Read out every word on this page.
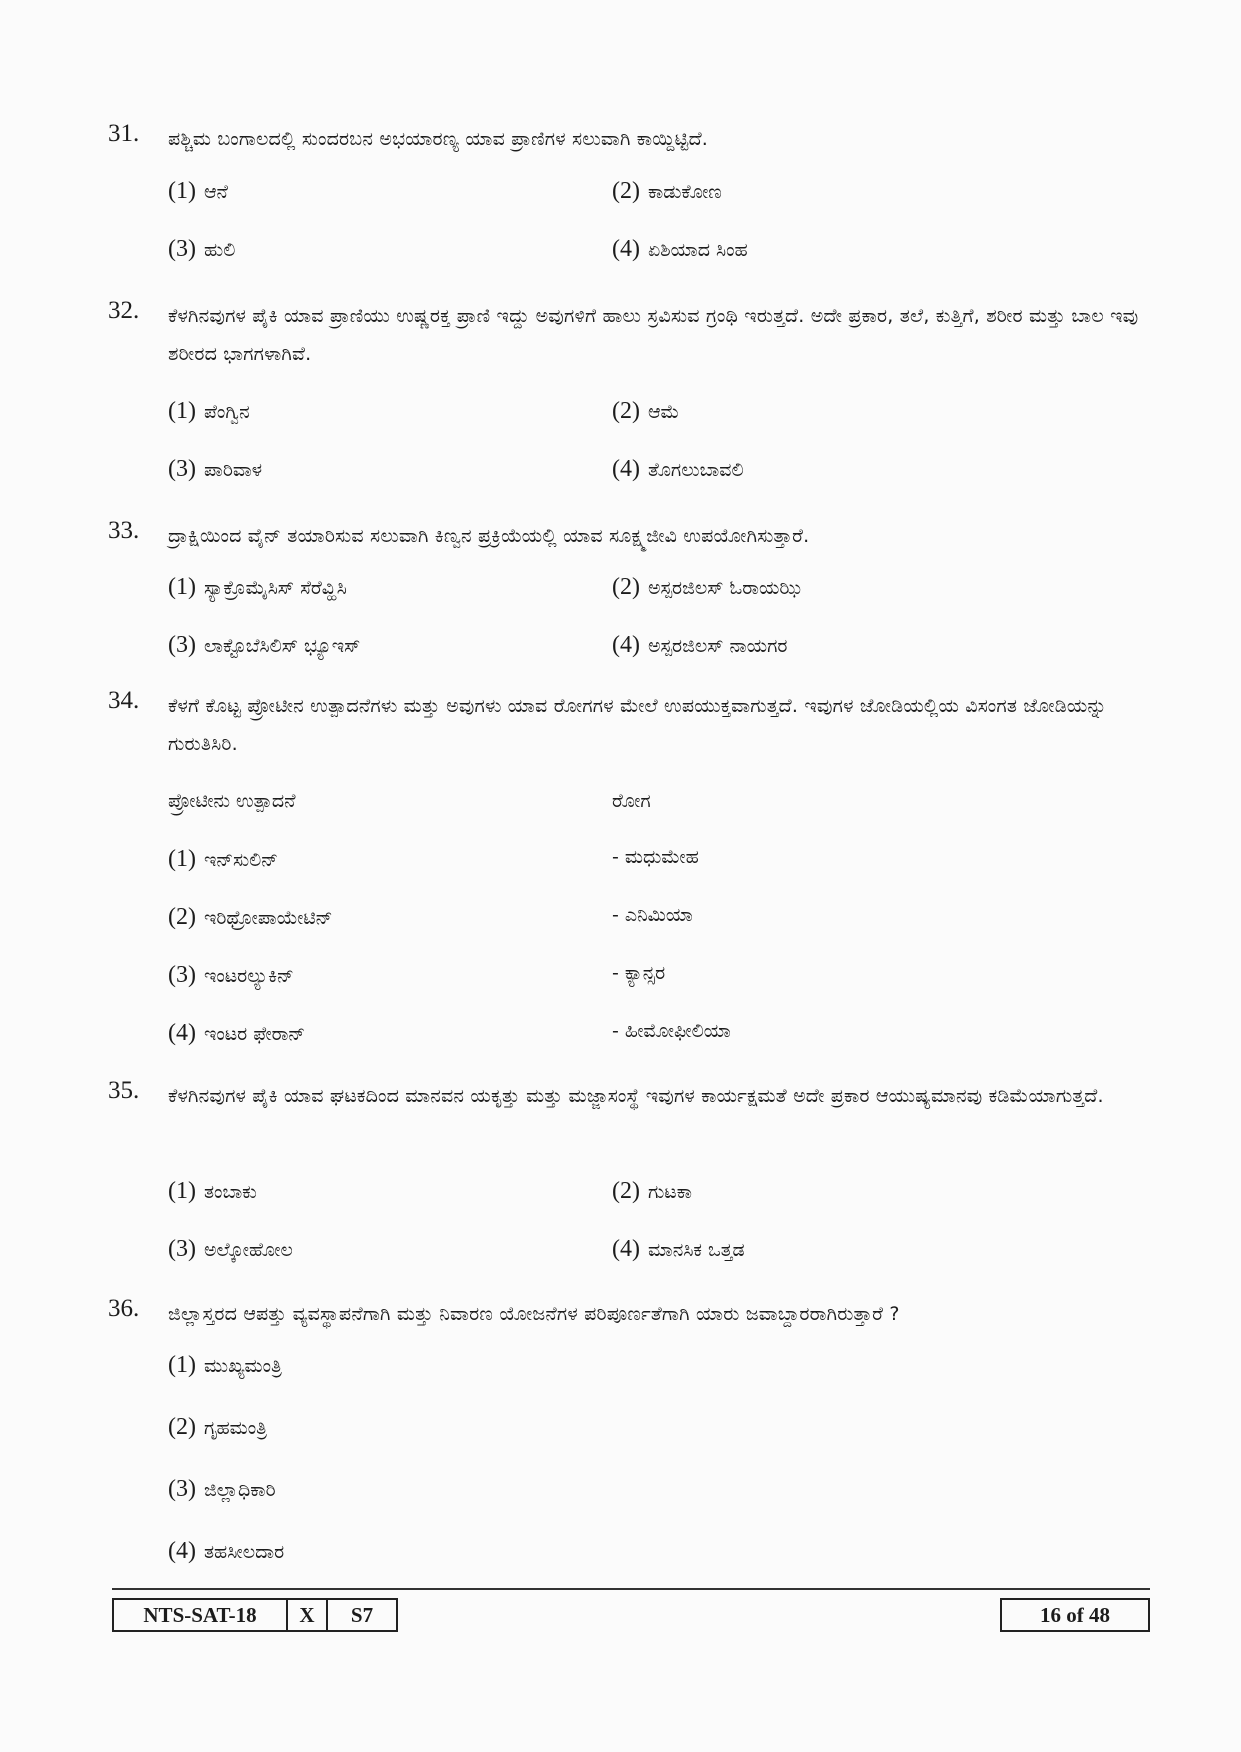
31. ಪಶ್ಚಿಮ ಬಂಗಾಲದಲ್ಲಿ ಸುಂದರಬನ ಅಭಯಾರಣ್ಯ ಯಾವ ಪ್ರಾಣಿಗಳ ಸಲುವಾಗಿ ಕಾಯ್ದಿಟ್ಟಿದೆ.
(1) ಆನೆ	(2) ಕಾಡುಕೋಣ
(3) ಹುಲಿ	(4) ಏಶಿಯಾದ ಸಿಂಹ
32. ಕೆಳಗಿನವುಗಳ ಪೈಕಿ ಯಾವ ಪ್ರಾಣಿಯು ಉಷ್ಣರಕ್ತ ಪ್ರಾಣಿ ಇದ್ದು ಅವುಗಳಿಗೆ ಹಾಲು ಸ್ರವಿಸುವ ಗ್ರಂಥಿ ಇರುತ್ತದೆ. ಅದೇ ಪ್ರಕಾರ, ತಲೆ, ಕುತ್ತಿಗೆ, ಶರೀರ ಮತ್ತು ಬಾಲ ಇವು ಶರೀರದ ಭಾಗಗಳಾಗಿವೆ.
(1) ಪೆಂಗ್ವಿನ	(2) ಆಮೆ
(3) ಪಾರಿವಾಳ	(4) ತೊಗಲುಬಾವಲಿ
33. ದ್ರಾಕ್ಷಿಯಿಂದ ವೈನ್ ತಯಾರಿಸುವ ಸಲುವಾಗಿ ಕಿಣ್ವನ ಪ್ರಕ್ರಿಯೆಯಲ್ಲಿ ಯಾವ ಸೂಕ್ಷ್ಮಜೀವಿ ಉಪಯೋಗಿಸುತ್ತಾರೆ.
(1) ಸ್ಯಾಕ್ರೊಮೈಸಿಸ್ ಸೆರೆವ್ಹಿಸಿ	(2) ಅಸ್ಪರಜಿಲಸ್ ಓರಾಯಝಿ
(3) ಲಾಕ್ಟೊಬೆಸಿಲಿಸ್ ಭ್ಯೂಇಸ್	(4) ಅಸ್ಪರಜಿಲಸ್ ನಾಯಗರ
34. ಕೆಳಗೆ ಕೊಟ್ಟ ಪ್ರೋಟೀನ ಉತ್ಪಾದನೆಗಳು ಮತ್ತು ಅವುಗಳು ಯಾವ ರೋಗಗಳ ಮೇಲೆ ಉಪಯುಕ್ತವಾಗುತ್ತದೆ. ಇವುಗಳ ಜೋಡಿಯಲ್ಲಿಯ ವಿಸಂಗತ ಜೋಡಿಯನ್ನು ಗುರುತಿಸಿರಿ.
ಪ್ರೋಟೀನು ಉತ್ಪಾದನೆ	ರೋಗ
(1) ಇನ್‌ಸುಲಿನ್	- ಮಧುಮೇಹ
(2) ಇರಿಥ್ರೋಪಾಯೇಟಿನ್	- ಎನಿಮಿಯಾ
(3) ಇಂಟರಲ್ಯುಕಿನ್	- ಕ್ಯಾನ್ಸರ
(4) ಇಂಟರ ಫೇರಾನ್	- ಹೀಮೋಫೀಲಿಯಾ
35. ಕೆಳಗಿನವುಗಳ ಪೈಕಿ ಯಾವ ಘಟಕದಿಂದ ಮಾನವನ ಯಕೃತ್ತು ಮತ್ತು ಮಜ್ಜಾಸಂಸ್ಥೆ ಇವುಗಳ ಕಾರ್ಯಕ್ಷಮತೆ ಅದೇ ಪ್ರಕಾರ ಆಯುಷ್ಯಮಾನವು ಕಡಿಮೆಯಾಗುತ್ತದೆ.
(1) ತಂಬಾಕು	(2) ಗುಟಕಾ
(3) ಅಲ್ಕೋಹೋಲ	(4) ಮಾನಸಿಕ ಒತ್ತಡ
36. ಜಿಲ್ಲಾಸ್ತರದ ಆಪತ್ತು ವ್ಯವಸ್ಥಾಪನೆಗಾಗಿ ಮತ್ತು ನಿವಾರಣ ಯೋಜನೆಗಳ ಪರಿಪೂರ್ಣತೆಗಾಗಿ ಯಾರು ಜವಾಬ್ದಾರರಾಗಿರುತ್ತಾರೆ ?
(1) ಮುಖ್ಯಮಂತ್ರಿ
(2) ಗೃಹಮಂತ್ರಿ
(3) ಜಿಲ್ಲಾಧಿಕಾರಿ
(4) ತಹಸೀಲದಾರ
NTS-SAT-18	X	S7	16 of 48
